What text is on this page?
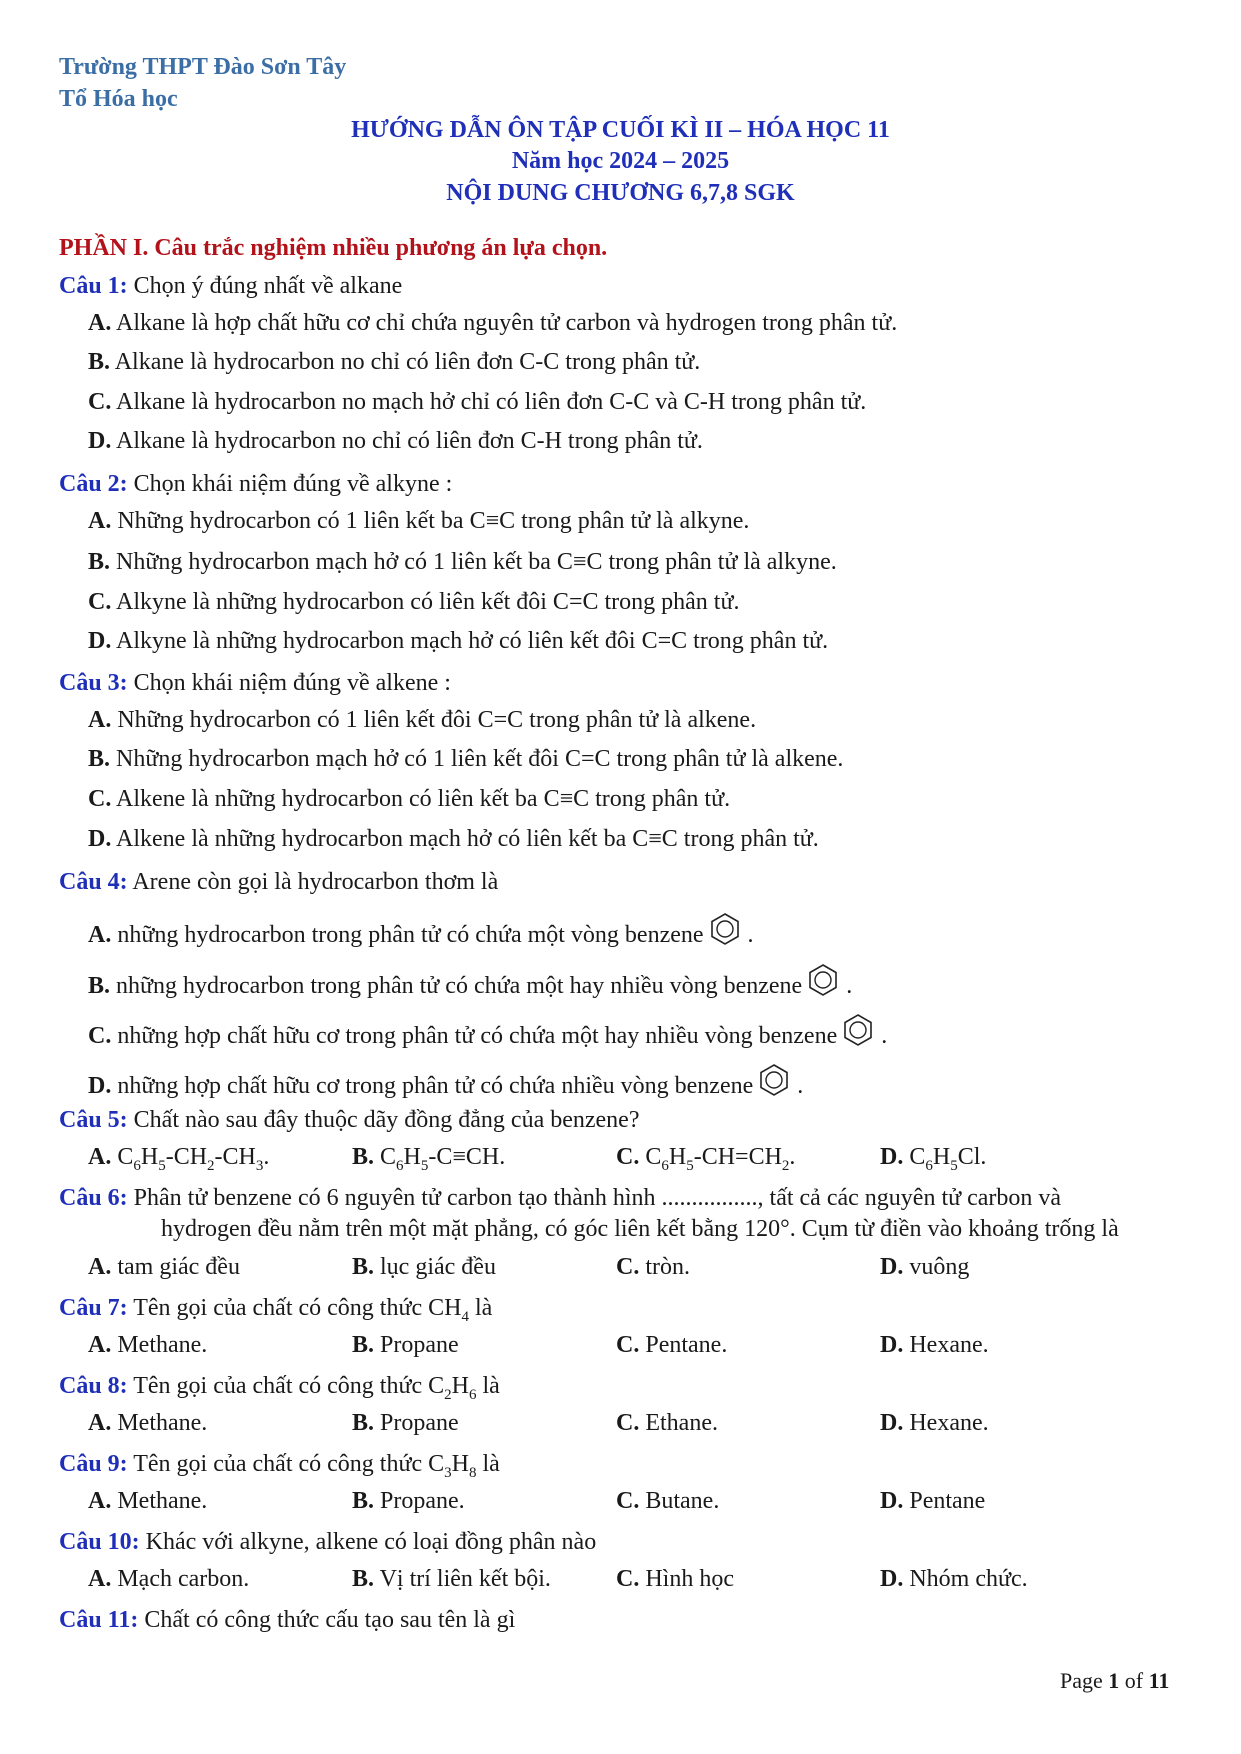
Trường THPT Đào Sơn Tây
Tổ Hóa học
HƯỚNG DẪN ÔN TẬP CUỐI KÌ II – HÓA HỌC 11
Năm học 2024 – 2025
NỘI DUNG CHƯƠNG 6,7,8 SGK
PHẦN I. Câu trắc nghiệm nhiều phương án lựa chọn.
Câu 1: Chọn ý đúng nhất về alkane
A. Alkane là hợp chất hữu cơ chỉ chứa nguyên tử carbon và hydrogen trong phân tử.
B. Alkane là hydrocarbon no chỉ có liên đơn C-C trong phân tử.
C. Alkane là hydrocarbon no mạch hở chỉ có liên đơn C-C và C-H trong phân tử.
D. Alkane là hydrocarbon no chỉ có liên đơn C-H trong phân tử.
Câu 2: Chọn khái niệm đúng về alkyne :
A. Những hydrocarbon có 1 liên kết ba C≡C trong phân tử là alkyne.
B. Những hydrocarbon mạch hở có 1 liên kết ba C≡C trong phân tử là alkyne.
C. Alkyne là những hydrocarbon có liên kết đôi C=C trong phân tử.
D. Alkyne là những hydrocarbon mạch hở có liên kết đôi C=C trong phân tử.
Câu 3: Chọn khái niệm đúng về alkene :
A. Những hydrocarbon có 1 liên kết đôi C=C trong phân tử là alkene.
B. Những hydrocarbon mạch hở có 1 liên kết đôi C=C trong phân tử là alkene.
C. Alkene là những hydrocarbon có liên kết ba C≡C trong phân tử.
D. Alkene là những hydrocarbon mạch hở có liên kết ba C≡C trong phân tử.
Câu 4: Arene còn gọi là hydrocarbon thơm là
A. những hydrocarbon trong phân tử có chứa một vòng benzene .
B. những hydrocarbon trong phân tử có chứa một hay nhiều vòng benzene .
C. những hợp chất hữu cơ trong phân tử có chứa một hay nhiều vòng benzene .
D. những hợp chất hữu cơ trong phân tử có chứa nhiều vòng benzene .
Câu 5: Chất nào sau đây thuộc dãy đồng đẳng của benzene?
A. $C_6H_5-CH_2-CH_3$.	B. $C_6H_5-C\equiv CH$.	C. $C_6H_5-CH=CH_2$.	D. $C_6H_5Cl$.
Câu 6: Phân tử benzene có 6 nguyên tử carbon tạo thành hình ................, tất cả các nguyên tử carbon và
hydrogen đều nằm trên một mặt phẳng, có góc liên kết bằng 120°. Cụm từ điền vào khoảng trống là
A. tam giác đều	B. lục giác đều	C. tròn.	D. vuông
Câu 7: Tên gọi của chất có công thức $CH_4$ là
A. Methane.	B. Propane	C. Pentane.	D. Hexane.
Câu 8: Tên gọi của chất có công thức $C_2H_6$ là
A. Methane.	B. Propane	C. Ethane.	D. Hexane.
Câu 9: Tên gọi của chất có công thức $C_3H_8$ là
A. Methane.	B. Propane.	C. Butane.	D. Pentane
Câu 10: Khác với alkyne, alkene có loại đồng phân nào
A. Mạch carbon.	B. Vị trí liên kết bội.	C. Hình học	D. Nhóm chức.
Câu 11: Chất có công thức cấu tạo sau tên là gì
Page 1 of 11
